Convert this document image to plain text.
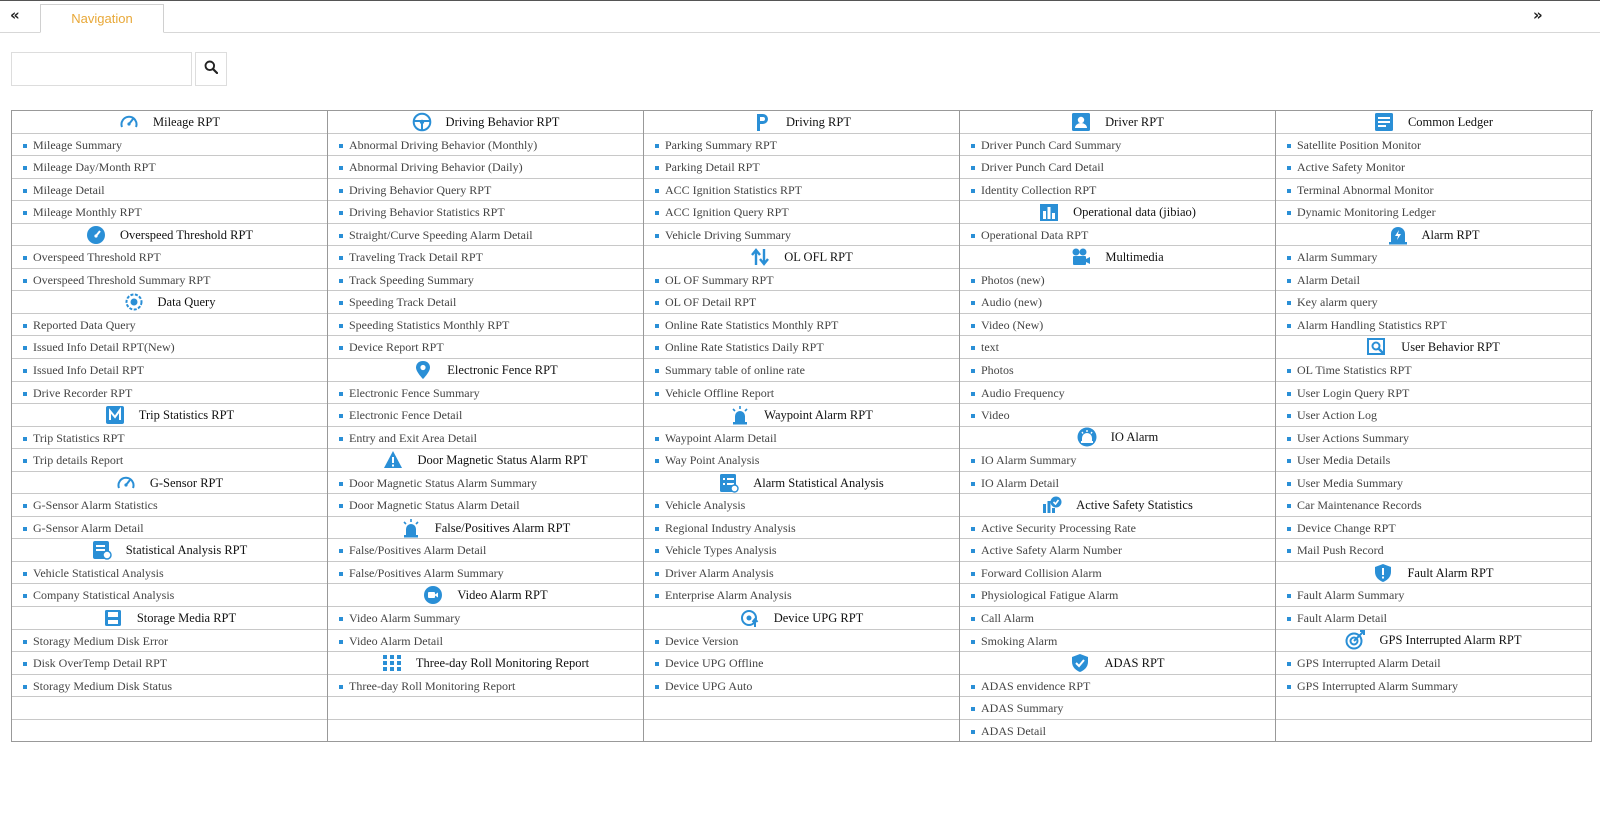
«	Navigation	»
Mileage RPT
Mileage Summary
Mileage Day/Month RPT
Mileage Detail
Mileage Monthly RPT
Overspeed Threshold RPT
Overspeed Threshold RPT
Overspeed Threshold Summary RPT
Data Query
Reported Data Query
Issued Info Detail RPT(New)
Issued Info Detail RPT
Drive Recorder RPT
Trip Statistics RPT
Trip Statistics RPT
Trip details Report
G-Sensor RPT
G-Sensor Alarm Statistics
G-Sensor Alarm Detail
Statistical Analysis RPT
Vehicle Statistical Analysis
Company Statistical Analysis
Storage Media RPT
Storagy Medium Disk Error
Disk OverTemp Detail RPT
Storagy Medium Disk Status
Driving Behavior RPT
Abnormal Driving Behavior (Monthly)
Abnormal Driving Behavior (Daily)
Driving Behavior Query RPT
Driving Behavior Statistics RPT
Straight/Curve Speeding Alarm Detail
Traveling Track Detail RPT
Track Speeding Summary
Speeding Track Detail
Speeding Statistics Monthly RPT
Device Report RPT
Electronic Fence RPT
Electronic Fence Summary
Electronic Fence Detail
Entry and Exit Area Detail
Door Magnetic Status Alarm RPT
Door Magnetic Status Alarm Summary
Door Magnetic Status Alarm Detail
False/Positives Alarm RPT
False/Positives Alarm Detail
False/Positives Alarm Summary
Video Alarm RPT
Video Alarm Summary
Video Alarm Detail
Three-day Roll Monitoring Report
Three-day Roll Monitoring Report
Driving RPT
Parking Summary RPT
Parking Detail RPT
ACC Ignition Statistics RPT
ACC Ignition Query RPT
Vehicle Driving Summary
OL OFL RPT
OL OF Summary RPT
OL OF Detail RPT
Online Rate Statistics Monthly RPT
Online Rate Statistics Daily RPT
Summary table of online rate
Vehicle Offline Report
Waypoint Alarm RPT
Waypoint Alarm Detail
Way Point Analysis
Alarm Statistical Analysis
Vehicle Analysis
Regional Industry Analysis
Vehicle Types Analysis
Driver Alarm Analysis
Enterprise Alarm Analysis
Device UPG RPT
Device Version
Device UPG Offline
Device UPG Auto
Driver RPT
Driver Punch Card Summary
Driver Punch Card Detail
Identity Collection RPT
Operational data (jibiao)
Operational Data RPT
Multimedia
Photos (new)
Audio (new)
Video (New)
text
Photos
Audio Frequency
Video
IO Alarm
IO Alarm Summary
IO Alarm Detail
Active Safety Statistics
Active Security Processing Rate
Active Safety Alarm Number
Forward Collision Alarm
Physiological Fatigue Alarm
Call Alarm
Smoking Alarm
ADAS RPT
ADAS envidence RPT
ADAS Summary
ADAS Detail
Common Ledger
Satellite Position Monitor
Active Safety Monitor
Terminal Abnormal Monitor
Dynamic Monitoring Ledger
Alarm RPT
Alarm Summary
Alarm Detail
Key alarm query
Alarm Handling Statistics RPT
User Behavior RPT
OL Time Statistics RPT
User Login Query RPT
User Action Log
User Actions Summary
User Media Details
User Media Summary
Car Maintenance Records
Device Change RPT
Mail Push Record
Fault Alarm RPT
Fault Alarm Summary
Fault Alarm Detail
GPS Interrupted Alarm RPT
GPS Interrupted Alarm Detail
GPS Interrupted Alarm Summary
